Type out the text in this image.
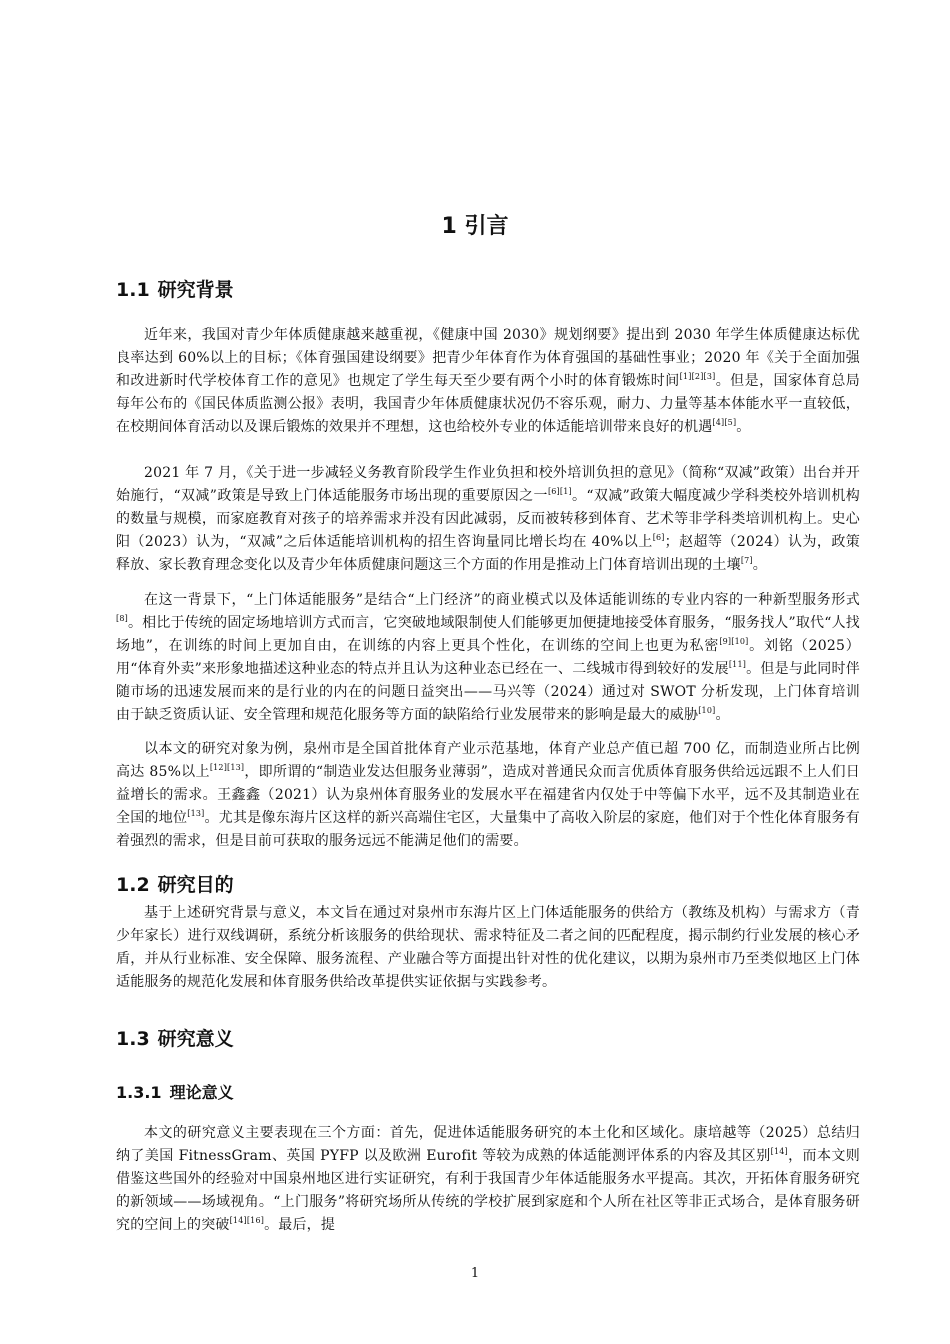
1 引言
1.1 研究背景
近年来，我国对青少年体质健康越来越重视，《健康中国 2030》规划纲要》提出到 2030 年学生体质健康达标优良率达到 60%以上的目标；《体育强国建设纲要》把青少年体育作为体育强国的基础性事业；2020 年《关于全面加强和改进新时代学校体育工作的意见》也规定了学生每天至少要有两个小时的体育锻炼时间[1][2][3]。但是，国家体育总局每年公布的《国民体质监测公报》表明，我国青少年体质健康状况仍不容乐观，耐力、力量等基本体能水平一直较低，在校期间体育活动以及课后锻炼的效果并不理想，这也给校外专业的体适能培训带来良好的机遇[4][5]。
2021 年 7 月，《关于进一步减轻义务教育阶段学生作业负担和校外培训负担的意见》（简称“双减”政策）出台并开始施行，“双减”政策是导致上门体适能服务市场出现的重要原因之一[6][1]。“双减”政策大幅度减少学科类校外培训机构的数量与规模，而家庭教育对孩子的培养需求并没有因此减弱，反而被转移到体育、艺术等非学科类培训机构上。史心阳（2023）认为，“双减”之后体适能培训机构的招生咨询量同比增长均在 40%以上[6]；赵超等（2024）认为，政策释放、家长教育理念变化以及青少年体质健康问题这三个方面的作用是推动上门体育培训出现的土壤[7]。
在这一背景下，“上门体适能服务”是结合“上门经济”的商业模式以及体适能训练的专业内容的一种新型服务形式[8]。相比于传统的固定场地培训方式而言，它突破地域限制使人们能够更加便捷地接受体育服务，“服务找人”取代“人找场地”，在训练的时间上更加自由，在训练的内容上更具个性化，在训练的空间上也更为私密[9][10]。刘铭（2025）用“体育外卖”来形象地描述这种业态的特点并且认为这种业态已经在一、二线城市得到较好的发展[11]。但是与此同时伴随市场的迅速发展而来的是行业的内在的问题日益突出——马兴等（2024）通过对 SWOT 分析发现，上门体育培训由于缺乏资质认证、安全管理和规范化服务等方面的缺陷给行业发展带来的影响是最大的威胁[10]。
以本文的研究对象为例，泉州市是全国首批体育产业示范基地，体育产业总产值已超 700 亿，而制造业所占比例高达 85%以上[12][13]，即所谓的“制造业发达但服务业薄弱”，造成对普通民众而言优质体育服务供给远远跟不上人们日益增长的需求。王鑫鑫（2021）认为泉州体育服务业的发展水平在福建省内仅处于中等偏下水平，远不及其制造业在全国的地位[13]。尤其是像东海片区这样的新兴高端住宅区，大量集中了高收入阶层的家庭，他们对于个性化体育服务有着强烈的需求，但是目前可获取的服务远远不能满足他们的需要。
1.2 研究目的
基于上述研究背景与意义，本文旨在通过对泉州市东海片区上门体适能服务的供给方（教练及机构）与需求方（青少年家长）进行双线调研，系统分析该服务的供给现状、需求特征及二者之间的匹配程度，揭示制约行业发展的核心矛盾，并从行业标准、安全保障、服务流程、产业融合等方面提出针对性的优化建议，以期为泉州市乃至类似地区上门体适能服务的规范化发展和体育服务供给改革提供实证依据与实践参考。
1.3 研究意义
1.3.1 理论意义
本文的研究意义主要表现在三个方面：首先，促进体适能服务研究的本土化和区域化。康培越等（2025）总结归纳了美国 FitnessGram、英国 PYFP 以及欧洲 Eurofit 等较为成熟的体适能测评体系的内容及其区别[14]，而本文则借鉴这些国外的经验对中国泉州地区进行实证研究，有利于我国青少年体适能服务水平提高。其次，开拓体育服务研究的新领域——场域视角。“上门服务”将研究场所从传统的学校扩展到家庭和个人所在社区等非正式场合，是体育服务研究的空间上的突破[14][16]。最后，提
1
